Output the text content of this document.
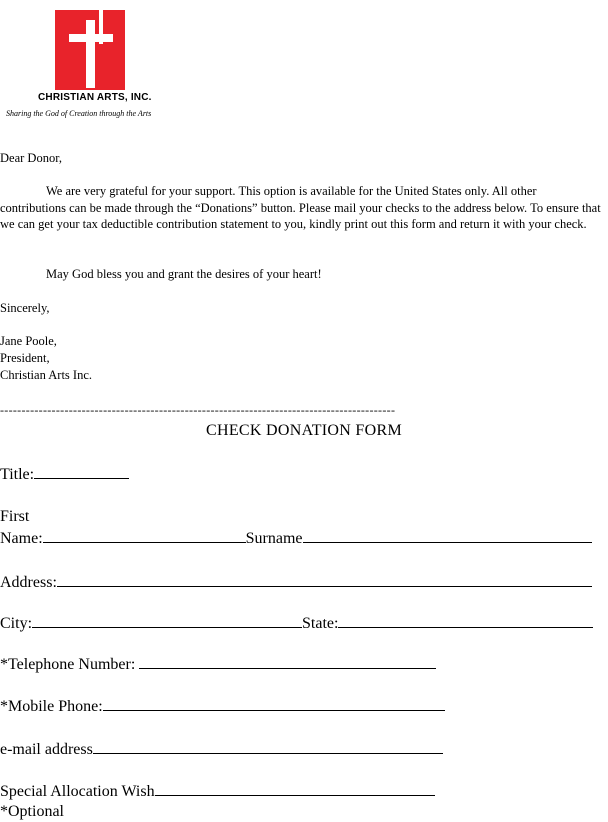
CHRISTIAN ARTS, INC.
Sharing the God of Creation through the Arts
Dear Donor,
We are very grateful for your support. This option is available for the United States only. All other contributions can be made through the “Donations” button. Please mail your checks to the address below. To ensure that we can get your tax deductible contribution statement to you, kindly print out this form and return it with your check.
May God bless you and grant the desires of your heart!
Sincerely,
Jane Poole,
President,
Christian Arts Inc.
--------------------------------------------------------------------------------------------
CHECK DONATION FORM
Title:
First
Name:	Surname
Address:
City:	State:
*Telephone Number:
*Mobile Phone:
e-mail address
Special Allocation Wish
*Optional
